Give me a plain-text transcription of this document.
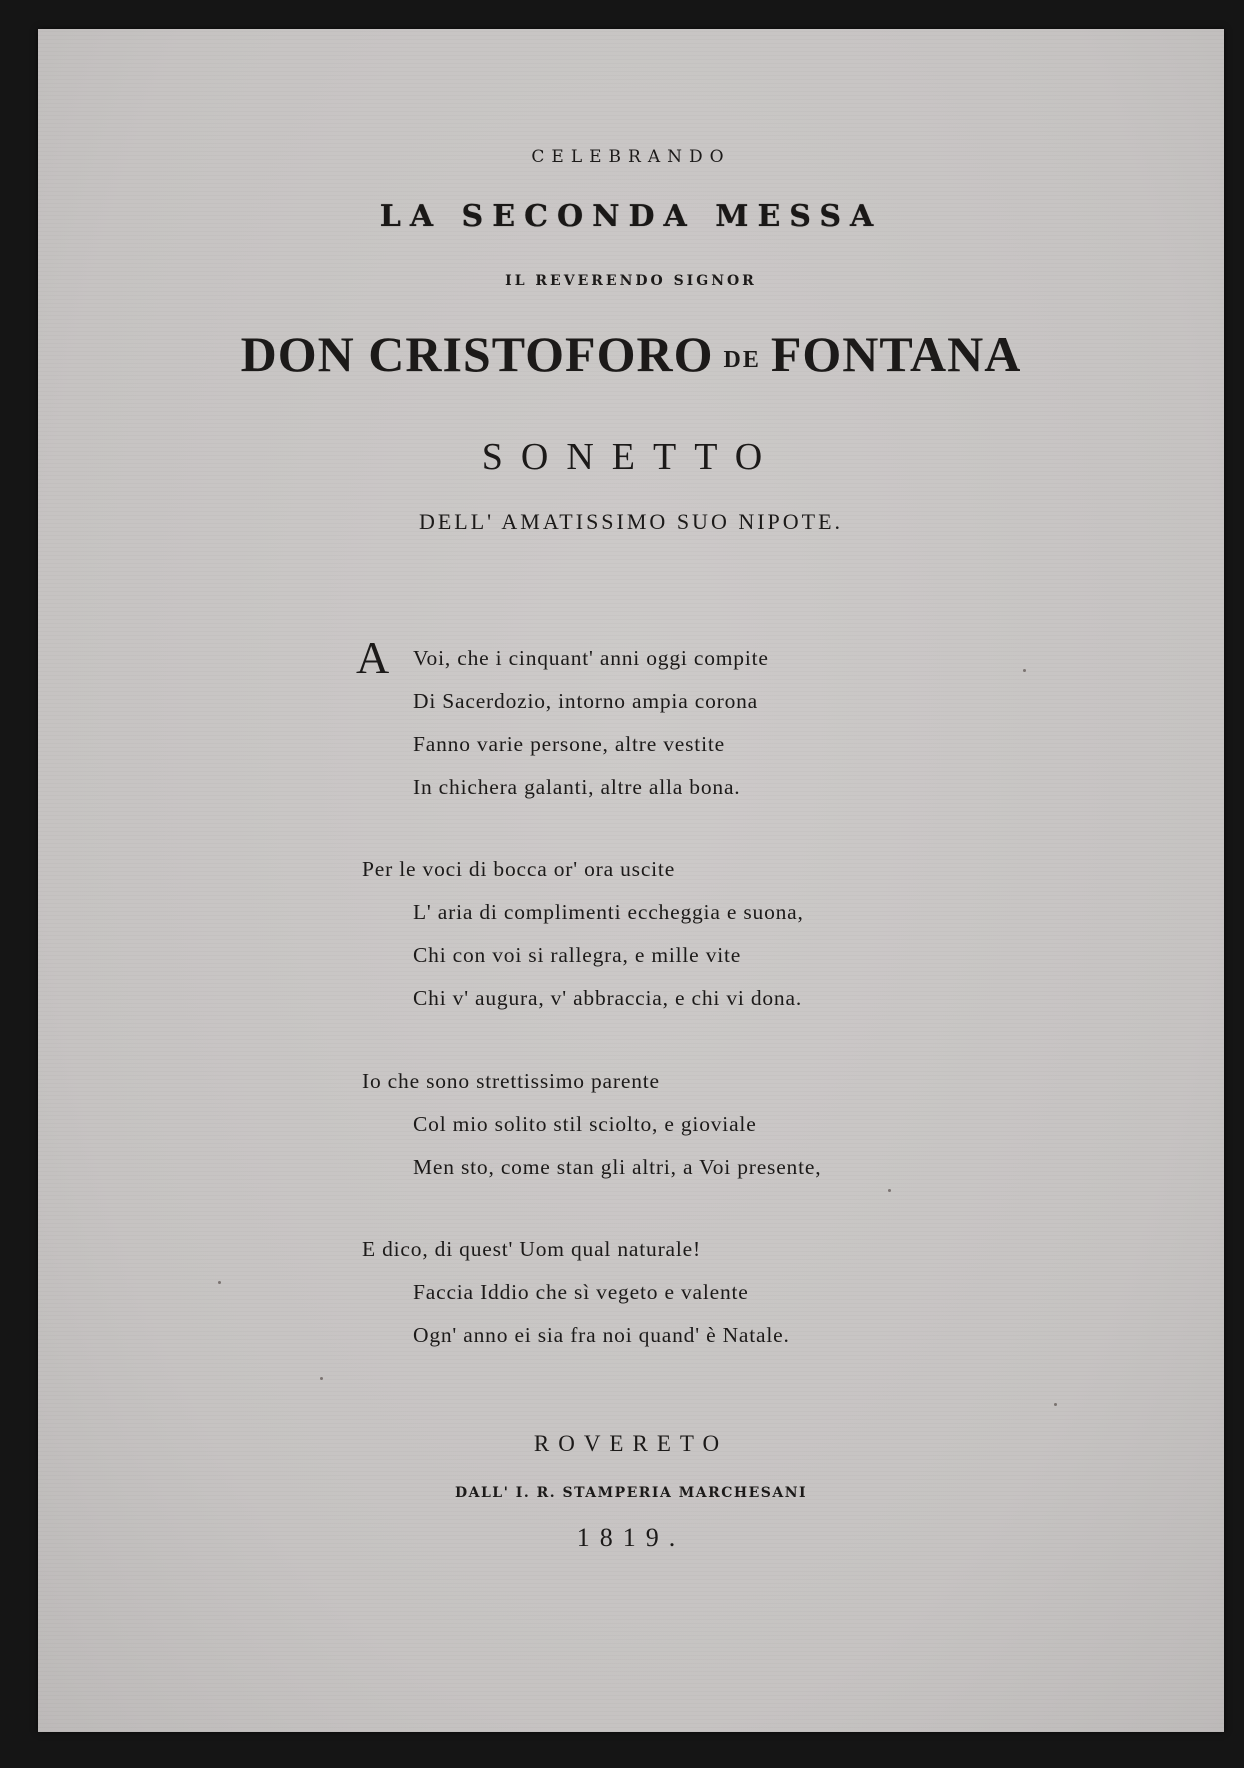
CELEBRANDO
LA SECONDA MESSA
IL REVERENDO SIGNOR
DON CRISTOFORO DE FONTANA
SONETTO
DELL' AMATISSIMO SUO NIPOTE.
A Voi, che i cinquant' anni oggi compite
Di Sacerdozio, intorno ampia corona
Fanno varie persone, altre vestite
In chichera galanti, altre alla bona.
Per le voci di bocca or' ora uscite
L' aria di complimenti eccheggia e suona,
Chi con voi si rallegra, e mille vite
Chi v' augura, v' abbraccia, e chi vi dona.
Io che sono strettissimo parente
Col mio solito stil sciolto, e gioviale
Men sto, come stan gli altri, a Voi presente,
E dico, di quest' Uom qual naturale!
Faccia Iddio che sì vegeto e valente
Ogn' anno ei sia fra noi quand' è Natale.
ROVERETO
DALL' I. R. STAMPERIA MARCHESANI
1819.
